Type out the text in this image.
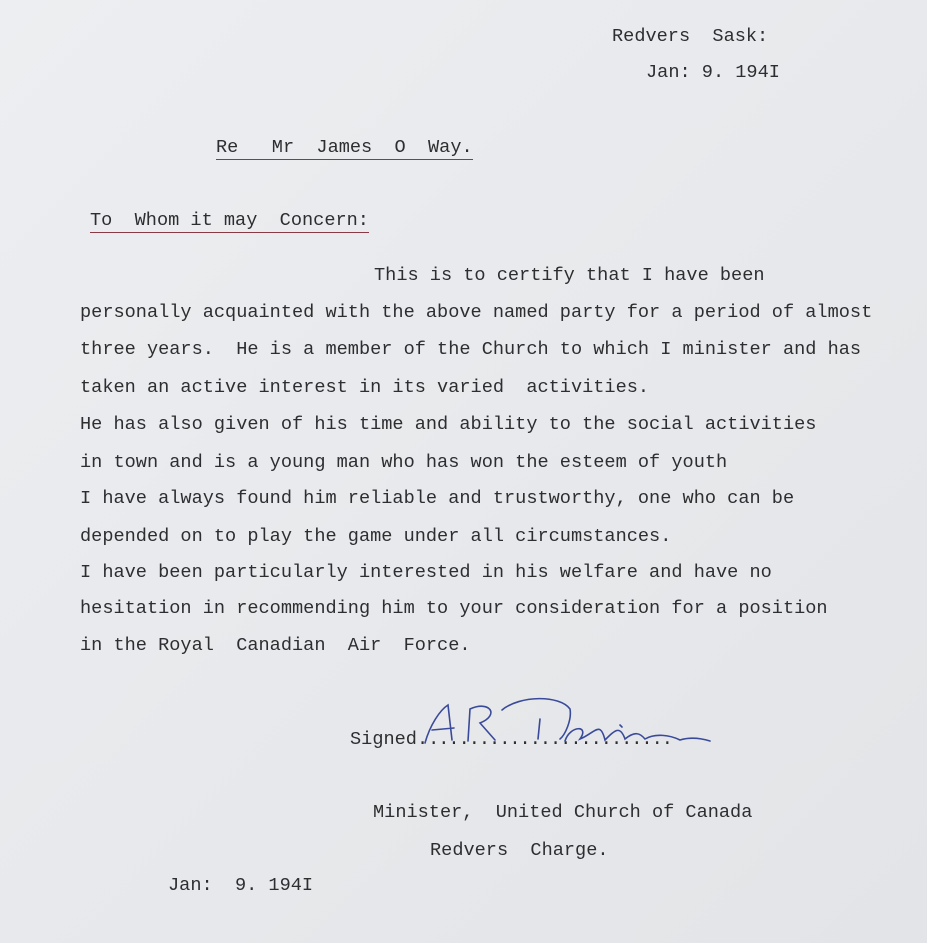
Redvers  Sask:
Jan: 9. 194I
Re   Mr  James  O  Way.
To  Whom it may  Concern:
This is to certify that I have been
personally acquainted with the above named party for a period of almost
three years.  He is a member of the Church to which I minister and has
taken an active interest in its varied  activities.
He has also given of his time and ability to the social activities
in town and is a young man who has won the esteem of youth
I have always found him reliable and trustworthy, one who can be
depended on to play the game under all circumstances.
I have been particularly interested in his welfare and have no
hesitation in recommending him to your consideration for a position
in the Royal  Canadian  Air  Force.
Signed.........................
Minister,  United Church of Canada
Redvers  Charge.
Jan:  9. 194I
